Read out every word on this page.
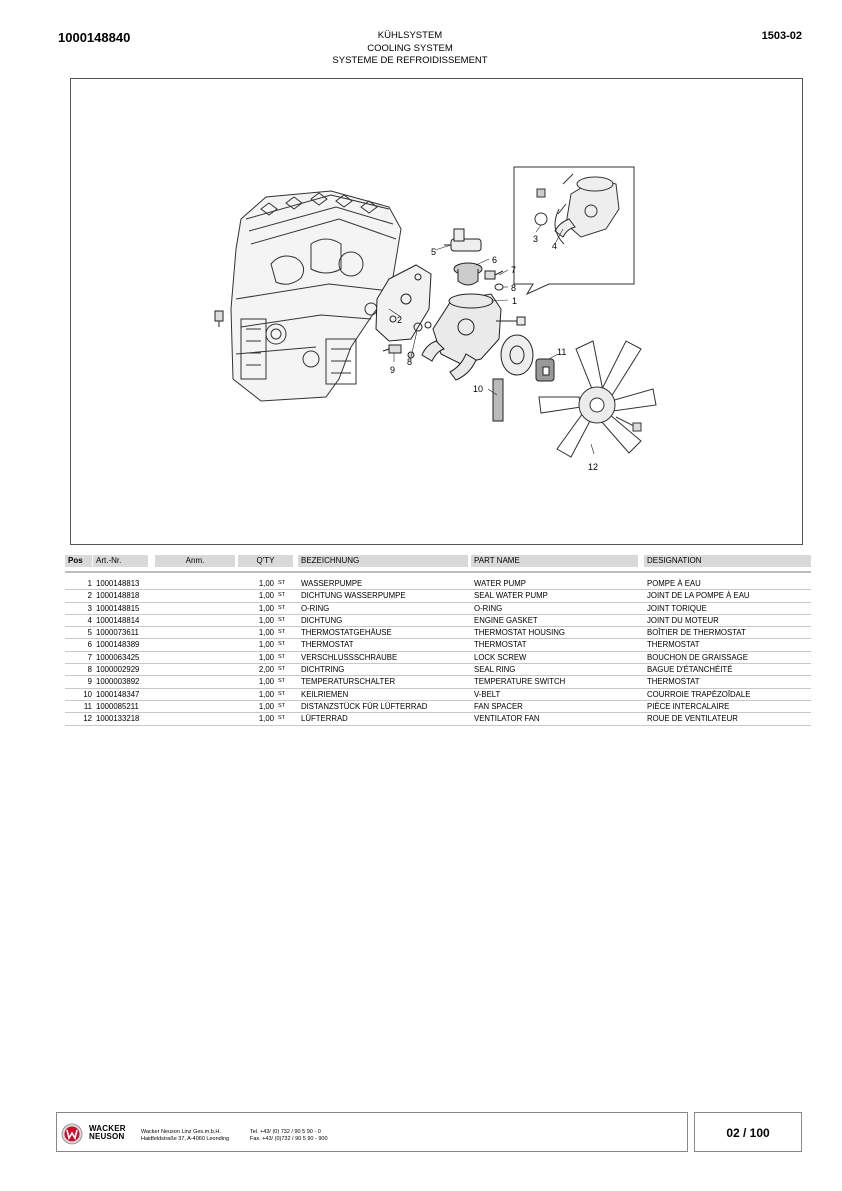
1000148840	KÜHLSYSTEM
COOLING SYSTEM
SYSTEME DE REFROIDISSEMENT
1503-02
5
6
7
8
1
2
8
9
10
11
12
3
4
Pos	Art.-Nr.	Anm.	Q'TY	BEZEICHNUNG	PART NAME	DESIGNATION
1 1000148813	1,00 ST WASSERPUMPE	WATER PUMP	POMPE À EAU
2 1000148818	1,00 ST DICHTUNG WASSERPUMPE	SEAL WATER PUMP	JOINT DE LA POMPE À EAU
3 1000148815	1,00 ST O-RING	O-RING	JOINT TORIQUE
4 1000148814	1,00 ST DICHTUNG	ENGINE GASKET	JOINT DU MOTEUR
5 1000073611	1,00 ST THERMOSTATGEHÄUSE	THERMOSTAT HOUSING	BOÎTIER DE THERMOSTAT
6 1000148389	1,00 ST THERMOSTAT	THERMOSTAT	THERMOSTAT
7 1000063425	1,00 ST VERSCHLUSSSCHRAUBE	LOCK SCREW	BOUCHON DE GRAISSAGE
8 1000002929	2,00 ST DICHTRING	SEAL RING	BAGUE D'ÉTANCHÉITÉ
9 1000003892	1,00 ST TEMPERATURSCHALTER	TEMPERATURE SWITCH	THERMOSTAT
10 1000148347	1,00 ST KEILRIEMEN	V-BELT	COURROIE TRAPÉZOÏDALE
11 1000085211	1,00 ST DISTANZSTÜCK FÜR LÜFTERRAD	FAN SPACER	PIÈCE INTERCALAIRE
12 1000133218	1,00 ST LÜFTERRAD	VENTILATOR FAN	ROUE DE VENTILATEUR
WACKER
NEUSON	Wacker Neuson Linz Ges.m.b.H.
Haidfeldstraße 37, A-4060 Leonding
Tel. +43/ (0) 732 / 90 5 90 - 0
Fax. +43/ (0)732 / 90 5 90 - 900	02 / 100
